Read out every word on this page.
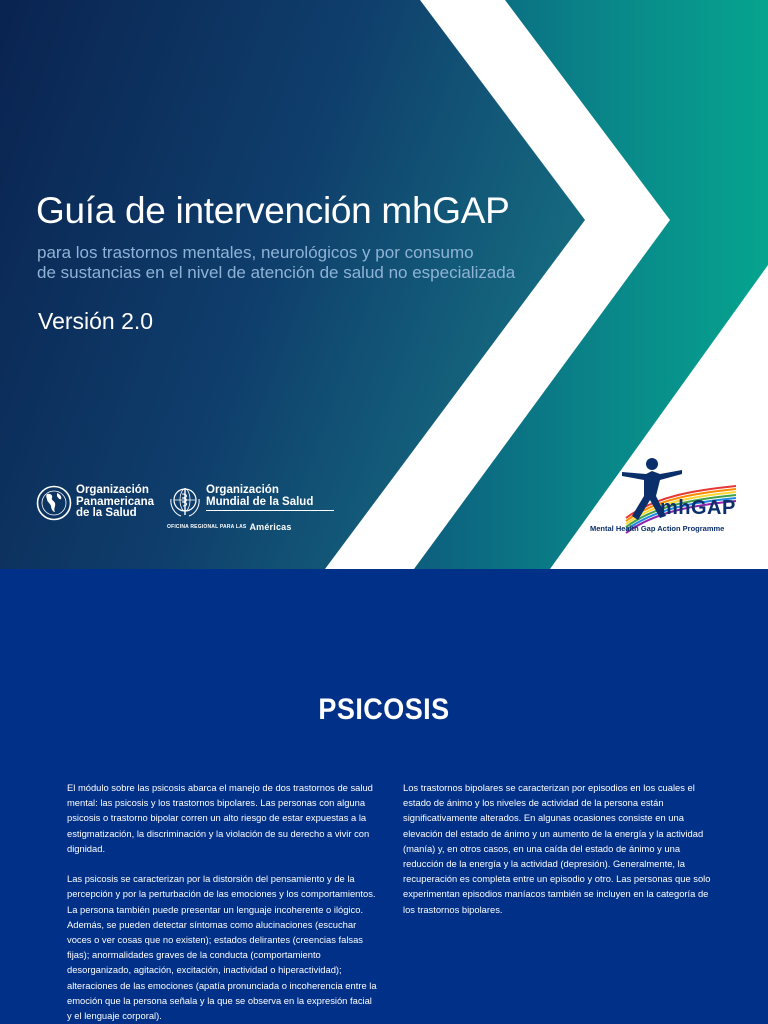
Guía de intervención mhGAP
para los trastornos mentales, neurológicos y por consumo
de sustancias en el nivel de atención de salud no especializada
Versión 2.0
Organización
Panamericana
de la Salud
Organización
Mundial de la Salud
OFICINA REGIONAL PARA LAS Américas
mhGAP
Mental Health Gap Action Programme
PSICOSIS

El módulo sobre las psicosis abarca el manejo de dos trastornos de salud mental: las psicosis y los trastornos bipolares. Las personas con alguna psicosis o trastorno bipolar corren un alto riesgo de estar expuestas a la estigmatización, la discriminación y la violación de su derecho a vivir con dignidad.

Las psicosis se caracterizan por la distorsión del pensamiento y de la percepción y por la perturbación de las emociones y los comportamientos. La persona también puede presentar un lenguaje incoherente o ilógico. Además, se pueden detectar síntomas como alucinaciones (escuchar voces o ver cosas que no existen); estados delirantes (creencias falsas fijas); anormalidades graves de la conducta (comportamiento desorganizado, agitación, excitación, inactividad o hiperactividad); alteraciones de las emociones (apatía pronunciada o incoherencia entre la emoción que la persona señala y la que se observa en la expresión facial y el lenguaje corporal).

Los trastornos bipolares se caracterizan por episodios en los cuales el estado de ánimo y los niveles de actividad de la persona están significativamente alterados. En algunas ocasiones consiste en una elevación del estado de ánimo y un aumento de la energía y la actividad (manía) y, en otros casos, en una caída del estado de ánimo y una reducción de la energía y la actividad (depresión). Generalmente, la recuperación es completa entre un episodio y otro. Las personas que solo experimentan episodios maníacos también se incluyen en la categoría de los trastornos bipolares.
